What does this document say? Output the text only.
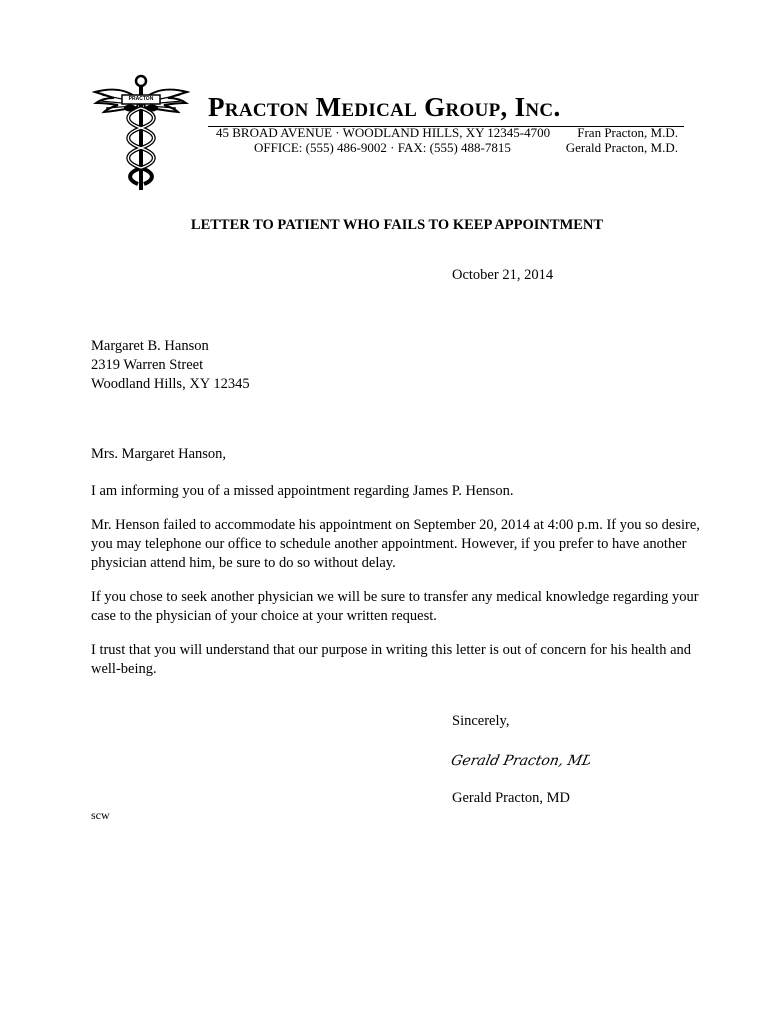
PRACTON Practon Medical Group, Inc.
45 BROAD AVENUE · WOODLAND HILLS, XY 12345-4700
OFFICE: (555) 486-9002 · FAX: (555) 488-7815
Fran Practon, M.D.
Gerald Practon, M.D.
LETTER TO PATIENT WHO FAILS TO KEEP APPOINTMENT
October 21, 2014
Margaret B. Hanson
2319 Warren Street
Woodland Hills, XY 12345
Mrs. Margaret Hanson,
I am informing you of a missed appointment regarding James P. Henson.
Mr. Henson failed to accommodate his appointment on September 20, 2014 at 4:00 p.m. If you so desire, you may telephone our office to schedule another appointment. However, if you prefer to have another physician attend him, be sure to do so without delay.
If you chose to seek another physician we will be sure to transfer any medical knowledge regarding your case to the physician of your choice at your written request.
I trust that you will understand that our purpose in writing this letter is out of concern for his health and well-being.
Sincerely,
Gerald Practon, MD
Gerald Practon, MD
scw
